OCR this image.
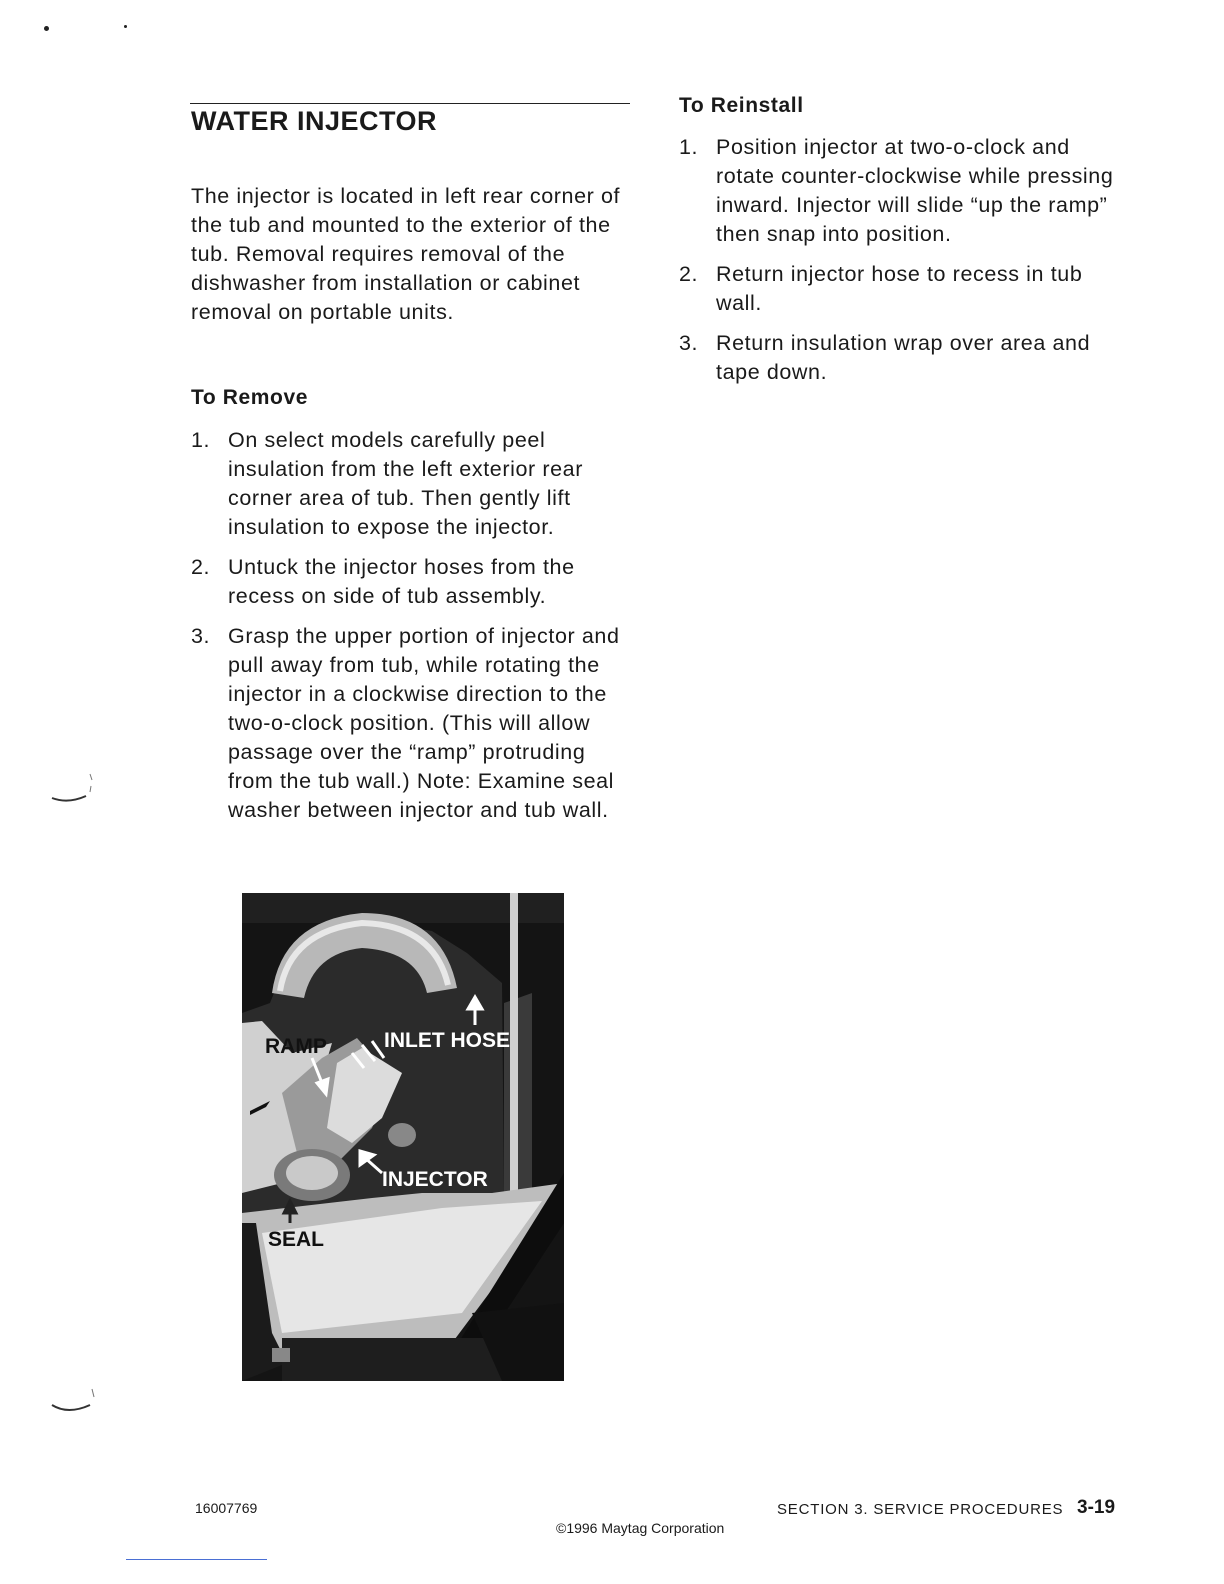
WATER INJECTOR

The injector is located in left rear corner of the tub and mounted to the exterior of the tub. Removal requires removal of the dishwasher from installation or cabinet removal on portable units.

To Remove
1. On select models carefully peel insulation from the left exterior rear corner area of tub. Then gently lift insulation to expose the injector.
2. Untuck the injector hoses from the recess on side of tub assembly.
3. Grasp the upper portion of injector and pull away from tub, while rotating the injector in a clockwise direction to the two-o-clock position. (This will allow passage over the “ramp” protruding from the tub wall.) Note: Examine seal washer between injector and tub wall.
To Reinstall
1. Position injector at two-o-clock and rotate counter-clockwise while pressing inward. Injector will slide “up the ramp” then snap into position.
2. Return injector hose to recess in tub wall.
3. Return insulation wrap over area and tape down.
RAMP	INLET HOSE
INJECTOR
SEAL
16007769
©1996 Maytag Corporation
SECTION 3. SERVICE PROCEDURES 3-19
